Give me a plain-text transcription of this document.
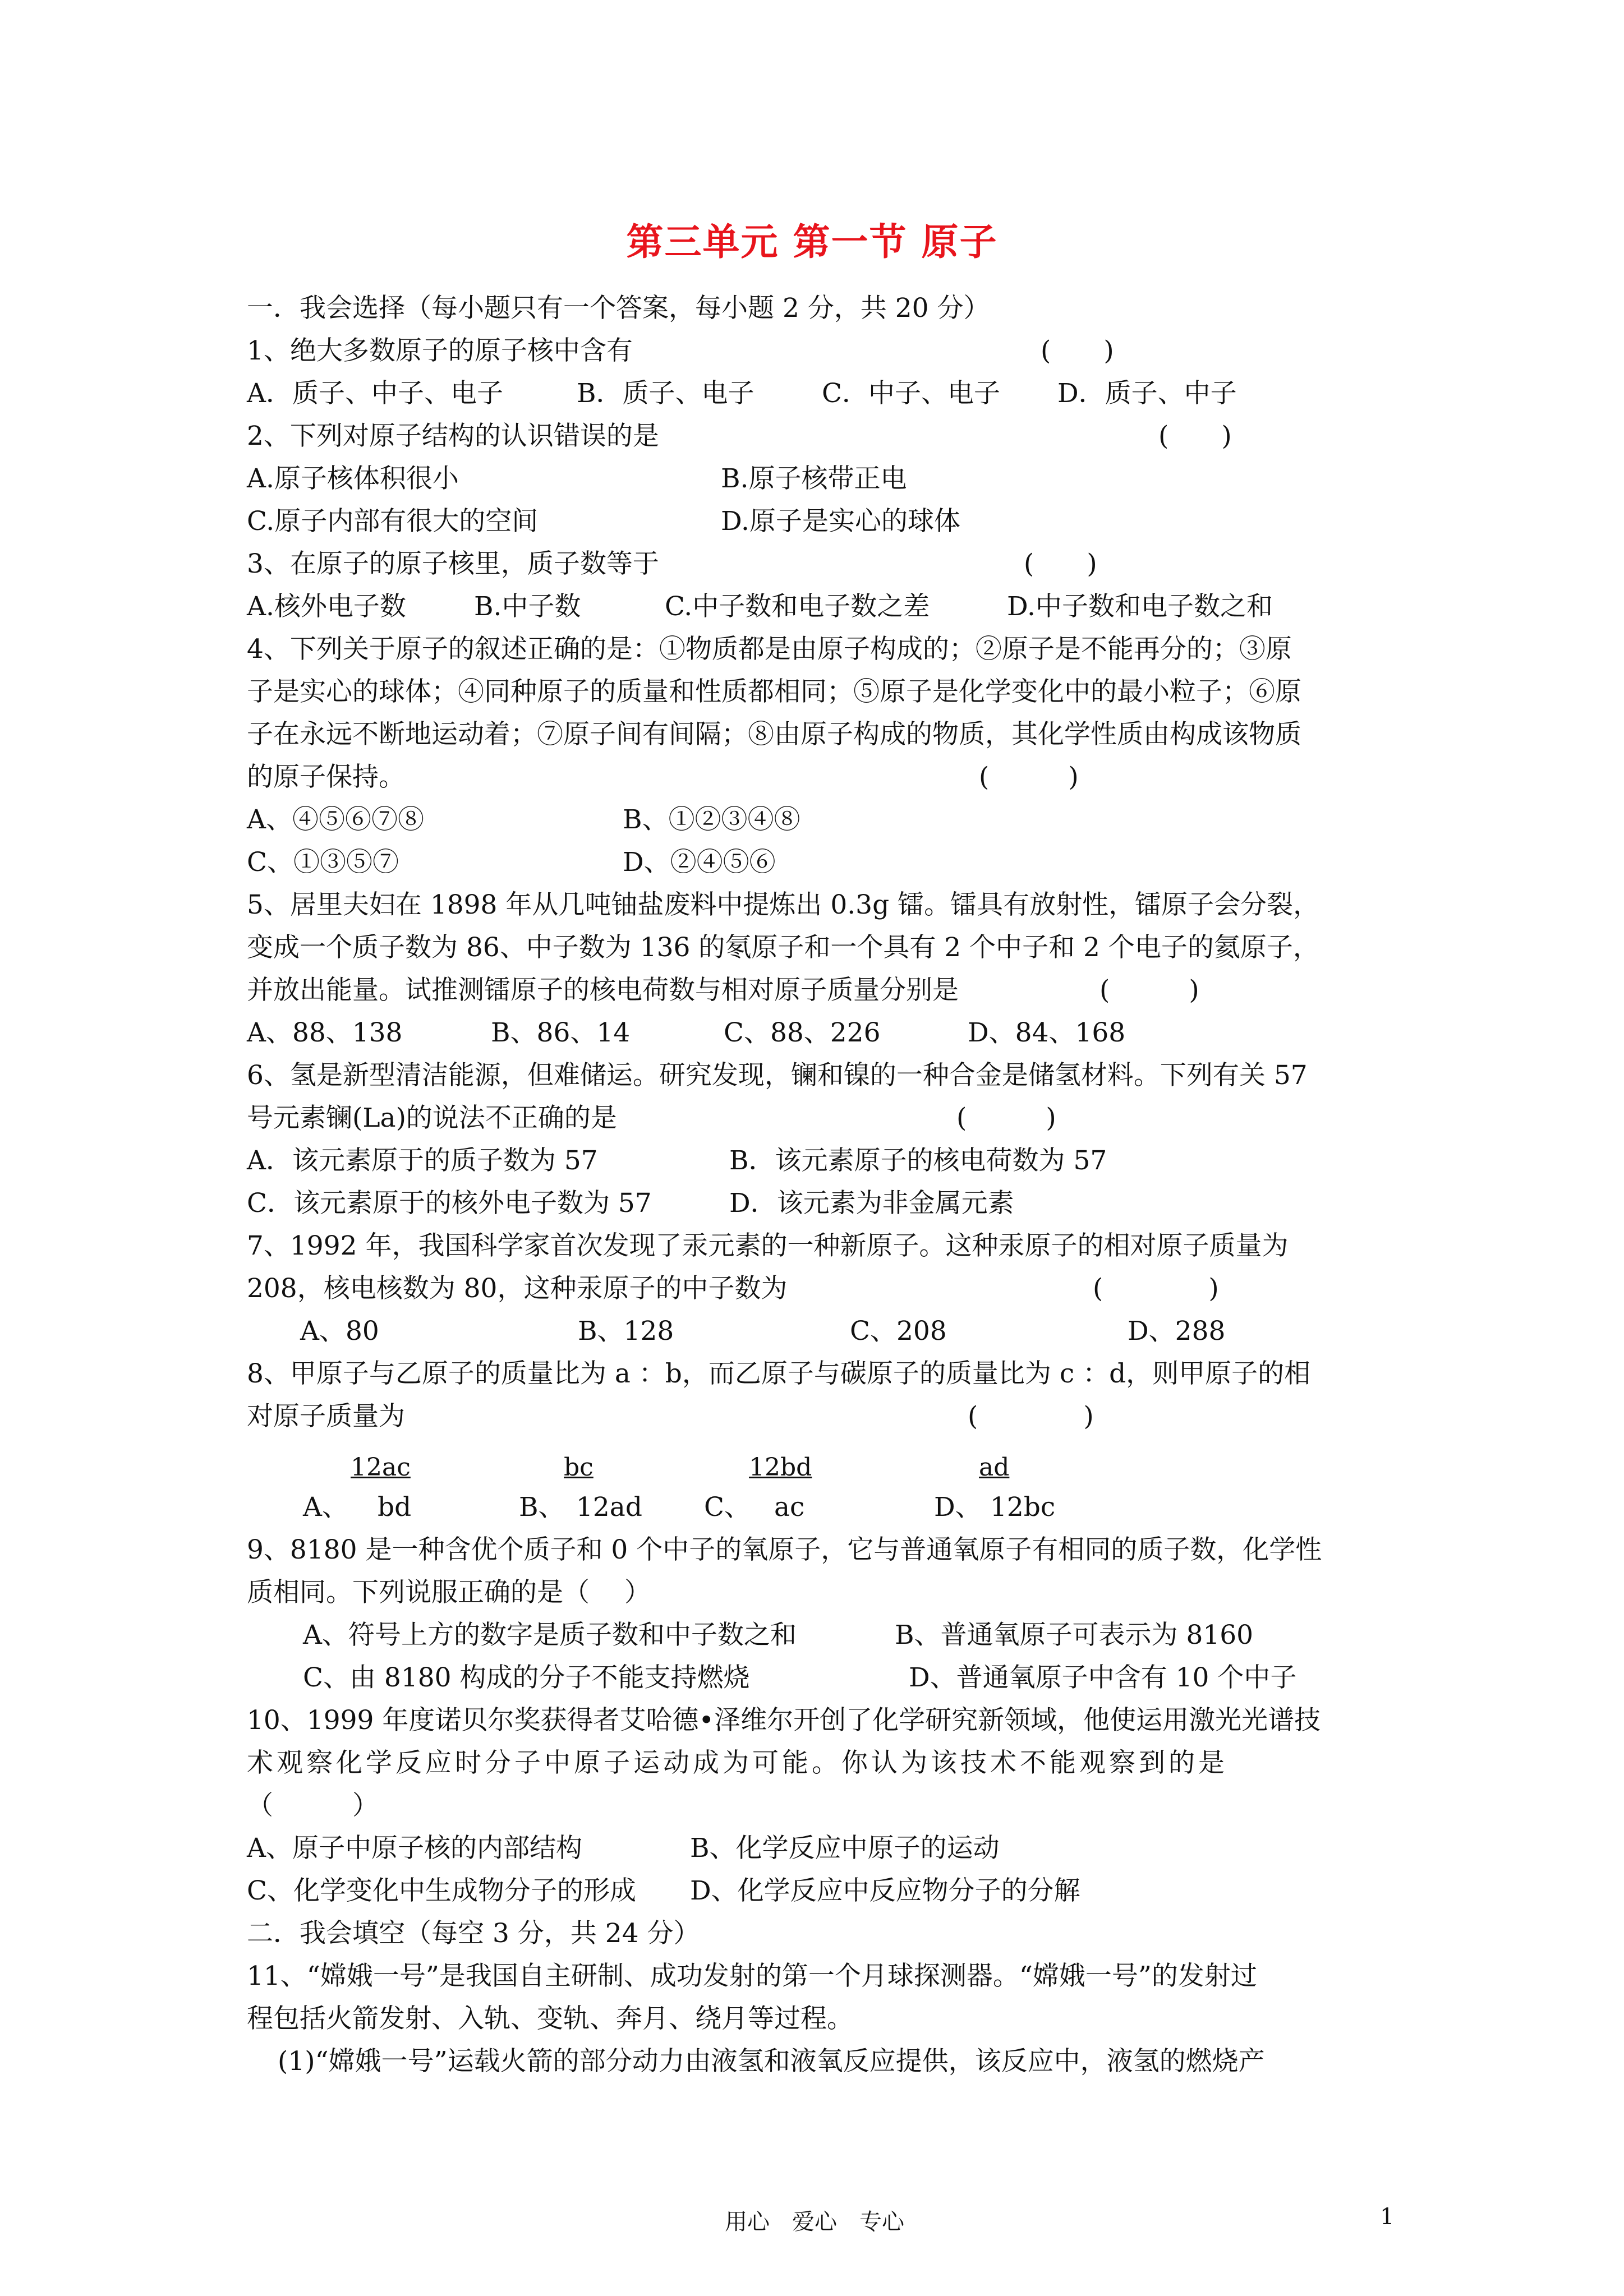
第三单元 第一节 原子
一．我会选择（每小题只有一个答案，每小题 2 分，共 20 分）
1、绝大多数原子的原子核中含有	(　　)
A．质子、中子、电子	B．质子、电子	C．中子、电子 D．质子、中子
2、下列对原子结构的认识错误的是	(　　)
A.原子核体积很小	B.原子核带正电
C.原子内部有很大的空间	D.原子是实心的球体
3、在原子的原子核里，质子数等于	(　　)
A.核外电子数	B.中子数	C.中子数和电子数之差	D.中子数和电子数之和
4、下列关于原子的叙述正确的是：①物质都是由原子构成的；②原子是不能再分的；③原
子是实心的球体；④同种原子的质量和性质都相同；⑤原子是化学变化中的最小粒子；⑥原
子在永远不断地运动着；⑦原子间有间隔；⑧由原子构成的物质，其化学性质由构成该物质
的原子保持。	(　　　)
A、④⑤⑥⑦⑧	B、①②③④⑧
C、①③⑤⑦	D、②④⑤⑥
5、居里夫妇在 1898 年从几吨铀盐废料中提炼出 0.3g 镭。镭具有放射性，镭原子会分裂，
变成一个质子数为 86、中子数为 136 的氡原子和一个具有 2 个中子和 2 个电子的氦原子，
并放出能量。试推测镭原子的核电荷数与相对原子质量分别是	(　　　)
A、88、138	B、86、14	C、88、226	D、84、168
6、氢是新型清洁能源，但难储运。研究发现，镧和镍的一种合金是储氢材料。下列有关 57
号元素镧(La)的说法不正确的是	(　　　)
A．该元素原于的质子数为 57	B．该元素原子的核电荷数为 57
C．该元素原于的核外电子数为 57	D．该元素为非金属元素
7、1992 年，我国科学家首次发现了汞元素的一种新原子。这种汞原子的相对原子质量为
208，核电核数为 80，这种汞原子的中子数为	(　　　　)
A、80	B、128	C、208	D、288
8、甲原子与乙原子的质量比为 a ：b，而乙原子与碳原子的质量比为 c ：d，则甲原子的相
对原子质量为	(　　　　)
12ac	bc	12bd	ad
A、 bd	B、 12ad C、 ac	D、 12bc
9、8180 是一种含优个质子和 0 个中子的氧原子，它与普通氧原子有相同的质子数，化学性
质相同。下列说服正确的是（　 ）
A、符号上方的数字是质子数和中子数之和	B、普通氧原子可表示为 8160
C、由 8180 构成的分子不能支持燃烧	D、普通氧原子中含有 10 个中子
10、1999 年度诺贝尔奖获得者艾哈德•泽维尔开创了化学研究新领域，他使运用激光光谱技
术观察化学反应时分子中原子运动成为可能。你认为该技术不能观察到的是
（　　　）
A、原子中原子核的内部结构	B、化学反应中原子的运动
C、化学变化中生成物分子的形成 D、化学反应中反应物分子的分解
二．我会填空（每空 3 分，共 24 分）
11、“嫦娥一号”是我国自主研制、成功发射的第一个月球探测器。“嫦娥一号”的发射过
程包括火箭发射、入轨、变轨、奔月、绕月等过程。
(1)“嫦娥一号”运载火箭的部分动力由液氢和液氧反应提供，该反应中，液氢的燃烧产
用心　爱心　专心	1
